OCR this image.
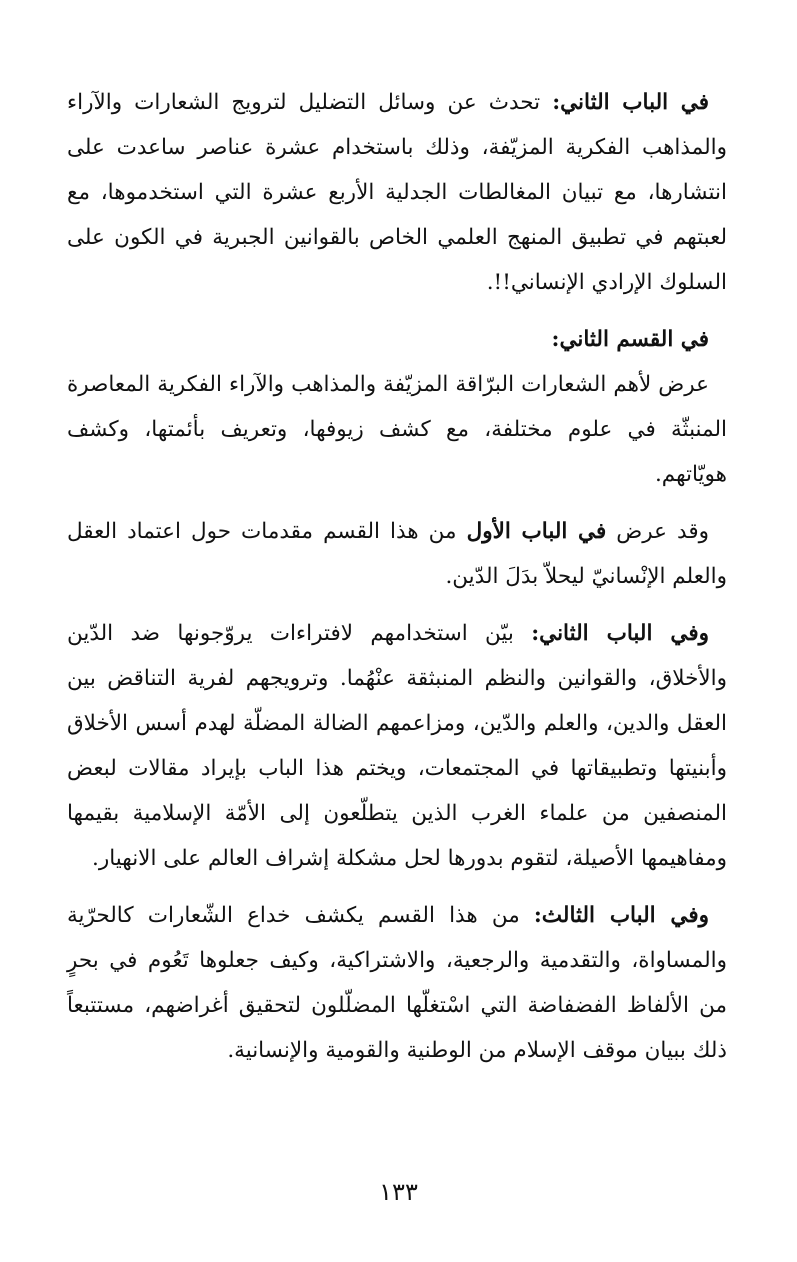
في الباب الثاني: تحدث عن وسائل التضليل لترويج الشعارات والآراء والمذاهب الفكرية المزيّفة، وذلك باستخدام عشرة عناصر ساعدت على انتشارها، مع تبيان المغالطات الجدلية الأربع عشرة التي استخدموها، مع لعبتهم في تطبيق المنهج العلمي الخاص بالقوانين الجبرية في الكون على السلوك الإرادي الإنساني!!.

في القسم الثاني:

عرض لأهم الشعارات البرّاقة المزيّفة والمذاهب والآراء الفكرية المعاصرة المنبثّة في علوم مختلفة، مع كشف زيوفها، وتعريف بأئمتها، وكشف هويّاتهم.

وقد عرض في الباب الأول من هذا القسم مقدمات حول اعتماد العقل والعلم الإنْسانيّ ليحلاّ بدَلَ الدّين.

وفي الباب الثاني: بيّن استخدامهم لافتراءات يروّجونها ضد الدّين والأخلاق، والقوانين والنظم المنبثقة عنْهُما. وترويجهم لفرية التناقض بين العقل والدين، والعلم والدّين، ومزاعمهم الضالة المضلّة لهدم أسس الأخلاق وأبنيتها وتطبيقاتها في المجتمعات، ويختم هذا الباب بإيراد مقالات لبعض المنصفين من علماء الغرب الذين يتطلّعون إلى الأمّة الإسلامية بقيمها ومفاهيمها الأصيلة، لتقوم بدورها لحل مشكلة إشراف العالم على الانهيار.

وفي الباب الثالث: من هذا القسم يكشف خداع الشّعارات كالحرّية والمساواة، والتقدمية والرجعية، والاشتراكية، وكيف جعلوها تَعُوم في بحرٍ من الألفاظ الفضفاضة التي اسْتغلّها المضلّلون لتحقيق أغراضهم، مستتبعاً ذلك ببيان موقف الإسلام من الوطنية والقومية والإنسانية.

١٣٣
